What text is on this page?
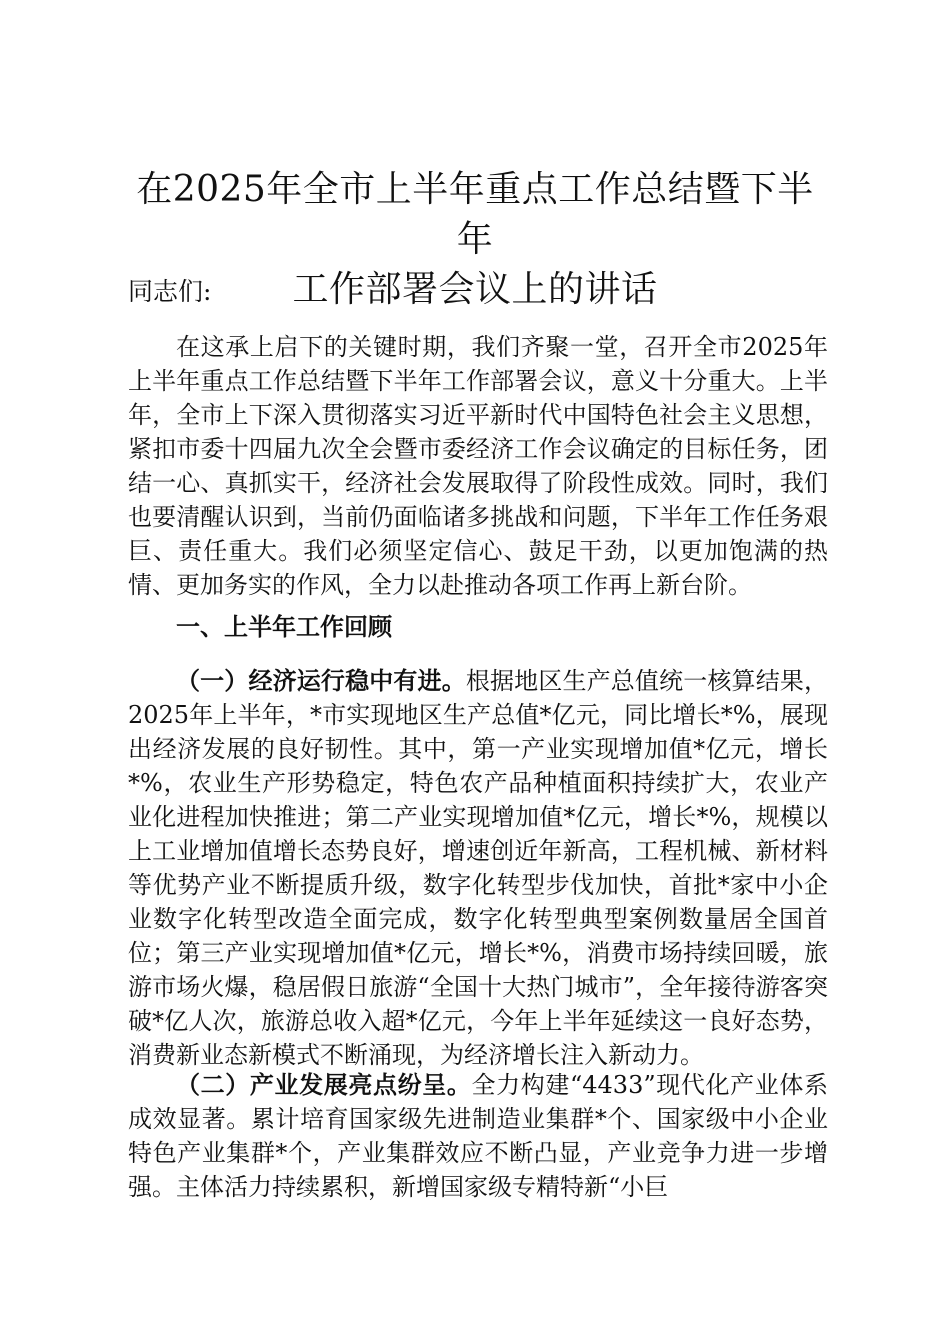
在2025年全市上半年重点工作总结暨下半年
工作部署会议上的讲话
同志们:

在这承上启下的关键时期，我们齐聚一堂，召开全市2025年上半年重点工作总结暨下半年工作部署会议，意义十分重大。上半年，全市上下深入贯彻落实习近平新时代中国特色社会主义思想，紧扣市委十四届九次全会暨市委经济工作会议确定的目标任务，团结一心、真抓实干，经济社会发展取得了阶段性成效。同时，我们也要清醒认识到，当前仍面临诸多挑战和问题，下半年工作任务艰巨、责任重大。我们必须坚定信心、鼓足干劲，以更加饱满的热情、更加务实的作风，全力以赴推动各项工作再上新台阶。

一、上半年工作回顾

（一）经济运行稳中有进。根据地区生产总值统一核算结果，2025年上半年，*市实现地区生产总值*亿元，同比增长*%，展现出经济发展的良好韧性。其中，第一产业实现增加值*亿元，增长*%，农业生产形势稳定，特色农产品种植面积持续扩大，农业产业化进程加快推进；第二产业实现增加值*亿元，增长*%，规模以上工业增加值增长态势良好，增速创近年新高，工程机械、新材料等优势产业不断提质升级，数字化转型步伐加快，首批*家中小企业数字化转型改造全面完成，数字化转型典型案例数量居全国首位；第三产业实现增加值*亿元，增长*%，消费市场持续回暖，旅游市场火爆，稳居假日旅游“全国十大热门城市”，全年接待游客突破*亿人次，旅游总收入超*亿元，今年上半年延续这一良好态势，消费新业态新模式不断涌现，为经济增长注入新动力。

（二）产业发展亮点纷呈。全力构建“4433”现代化产业体系成效显著。累计培育国家级先进制造业集群*个、国家级中小企业特色产业集群*个，产业集群效应不断凸显，产业竞争力进一步增强。主体活力持续累积，新增国家级专精特新“小巨
